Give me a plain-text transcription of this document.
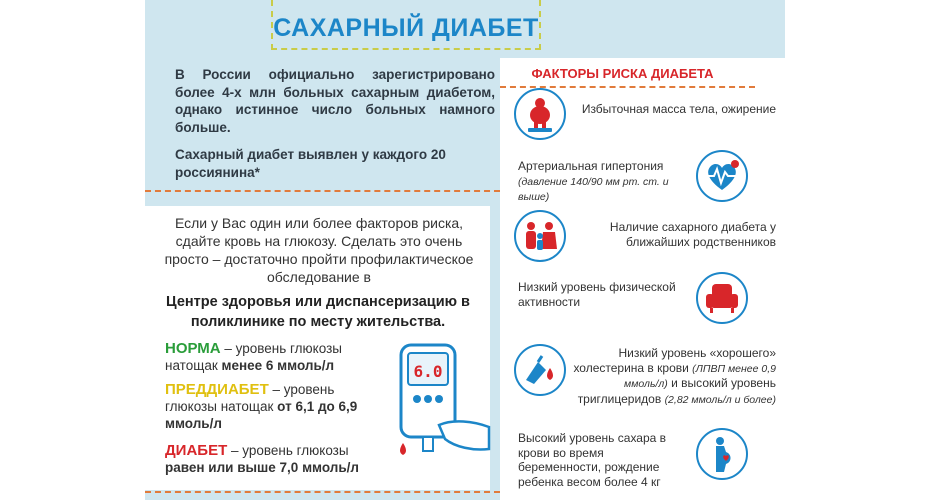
САХАРНЫЙ ДИАБЕТ
В России официально зарегистрировано более 4-х млн больных сахарным диабетом, однако истинное число больных намного больше.
Сахарный диабет выявлен у каждого 20 россиянина*
Если у Вас один или более факторов риска, сдайте кровь на глюкозу. Сделать это очень просто – достаточно пройти профилактическое обследование в
Центре здоровья или диспансеризацию в поликлинике по месту жительства.
НОРМА – уровень глюкозы натощак менее 6 ммоль/л
ПРЕДДИАБЕТ – уровень глюкозы натощак от 6,1 до 6,9 ммоль/л
ДИАБЕТ – уровень глюкозы равен или выше 7,0 ммоль/л
6.0
ФАКТОРЫ РИСКА ДИАБЕТА
Избыточная масса тела, ожирение
Артериальная гипертония
(давление 140/90 мм рт. ст. и выше)
Наличие сахарного диабета у ближайших родственников
Низкий уровень физической активности
Низкий уровень «хорошего» холестерина в крови (ЛПВП менее 0,9 ммоль/л) и высокий уровень триглицеридов (2,82 ммоль/л и более)
Высокий уровень сахара в крови во время беременности, рождение ребенка весом более 4 кг
